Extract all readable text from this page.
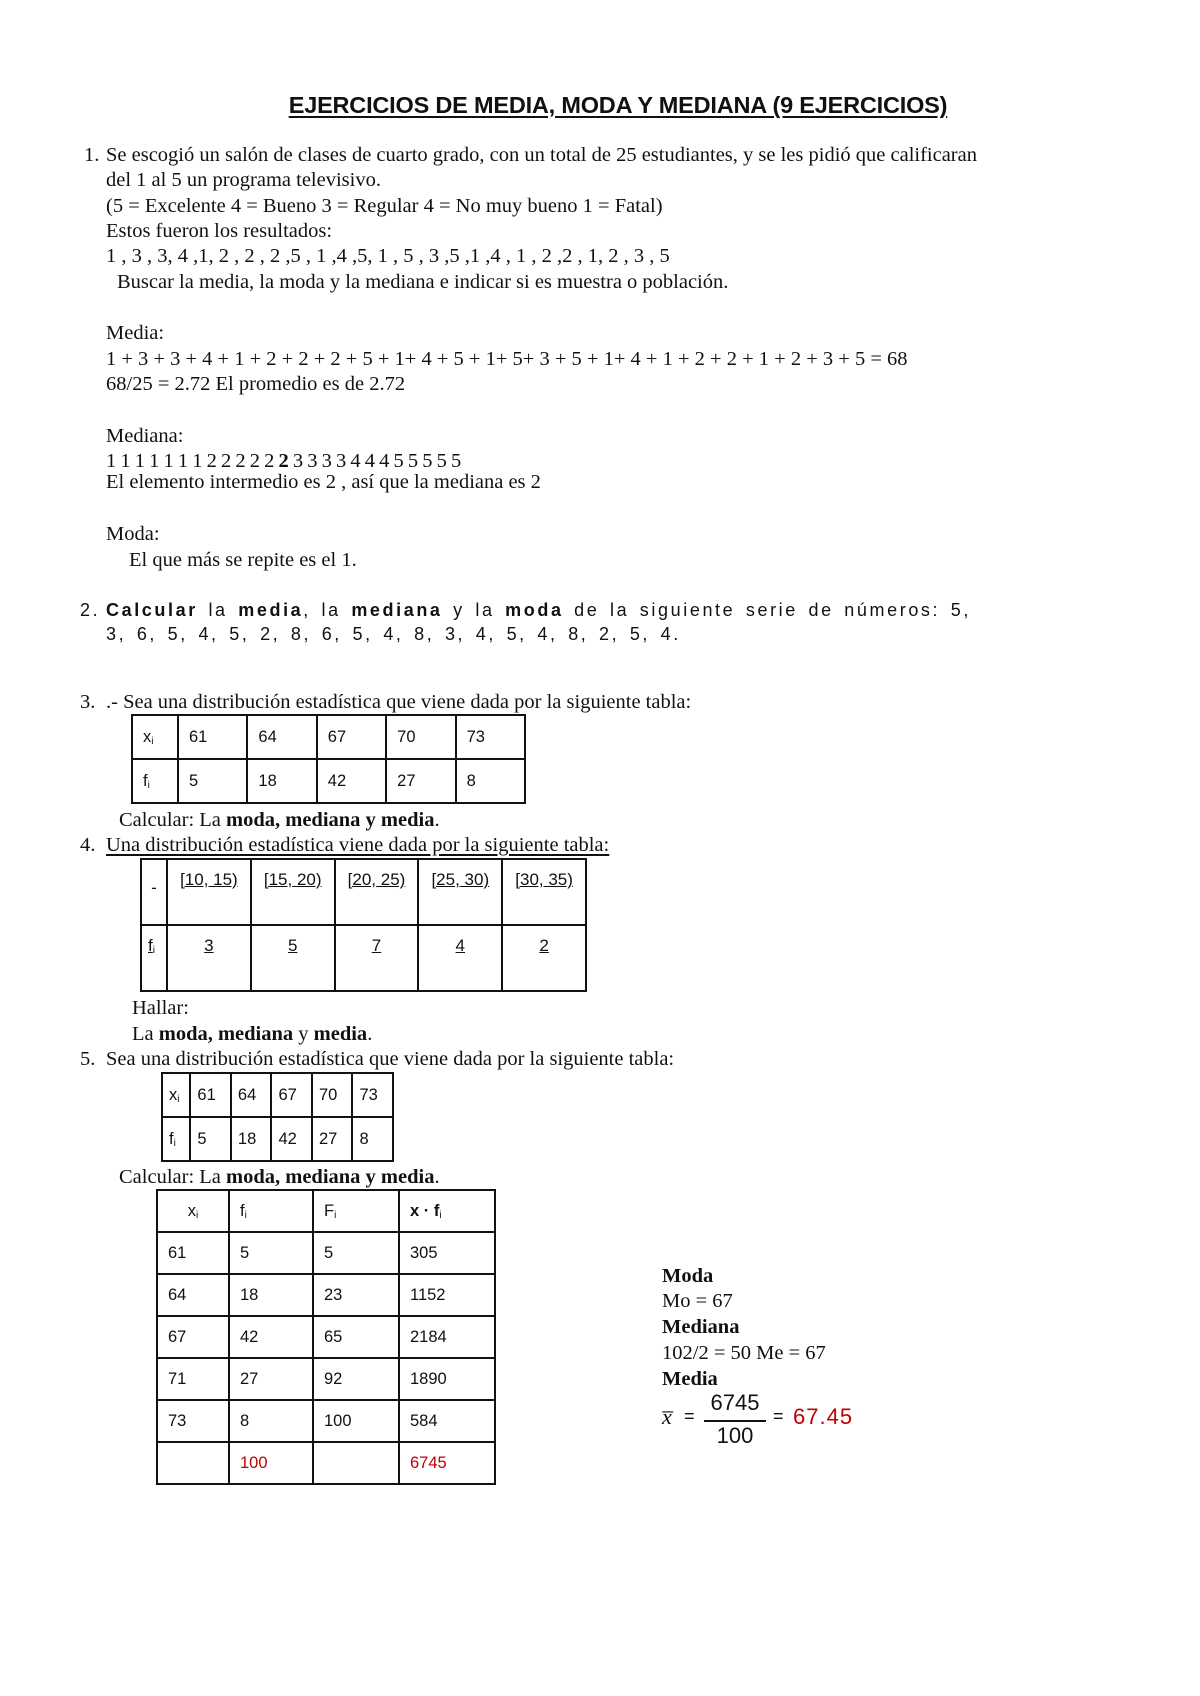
EJERCICIOS DE MEDIA, MODA Y MEDIANA (9 EJERCICIOS)
1. Se escogió un salón de clases de cuarto grado, con un total de 25 estudiantes, y se les pidió que calificaran
del 1 al 5 un programa televisivo.
(5 = Excelente 4 = Bueno 3 = Regular 4 = No muy bueno 1 = Fatal)
Estos fueron los resultados:
1 , 3 , 3, 4 ,1, 2 , 2 , 2 ,5 , 1 ,4 ,5, 1 , 5 , 3 ,5 ,1 ,4 , 1 , 2 ,2 , 1, 2 , 3 , 5
Buscar la media, la moda y la mediana e indicar si es muestra o población.
Media:
1 + 3 + 3 + 4 + 1 + 2 + 2 + 2 + 5 + 1+ 4 + 5 + 1+ 5+ 3 + 5 + 1+ 4 + 1 + 2 + 2 + 1 + 2 + 3 + 5 = 68
68/25 = 2.72 El promedio es de 2.72
Mediana:
1 1 1 1 1 1 1 2 2 2 2 2 2 3 3 3 3 4 4 4 5 5 5 5 5
El elemento intermedio es 2 , así que la mediana es 2
Moda:
El que más se repite es el 1.
2. Calcular la media, la mediana y la moda de la siguiente serie de números: 5,
3, 6, 5, 4, 5, 2, 8, 6, 5, 4, 8, 3, 4, 5, 4, 8, 2, 5, 4.
3. .- Sea una distribución estadística que viene dada por la siguiente tabla:
$x_i$	61	64	67	70	73
$f_i$	5	18	42	27	8
Calcular: La moda, mediana y media.
4. Una distribución estadística viene dada por la siguiente tabla:
-	[10, 15)	[15, 20)	[20, 25)	[25, 30)	[30, 35)
$f_i$	3	5	7	4	2
Hallar:
La moda, mediana y media.
5. Sea una distribución estadística que viene dada por la siguiente tabla:
$x_i$	61	64	67	70	73
$f_i$	5	18	42	27	8
Calcular: La moda, mediana y media.
$x_i$	$f_i$	$F_i$	$x \cdot f_i$
61	5	5	305
64	18	23	1152
67	42	65	2184
71	27	92	1890
73	8	100	584
	100		6745
Moda
Mo = 67
Mediana
102/2 = 50 Me = 67
Media
x̅ =
6745
100
= 67.45
